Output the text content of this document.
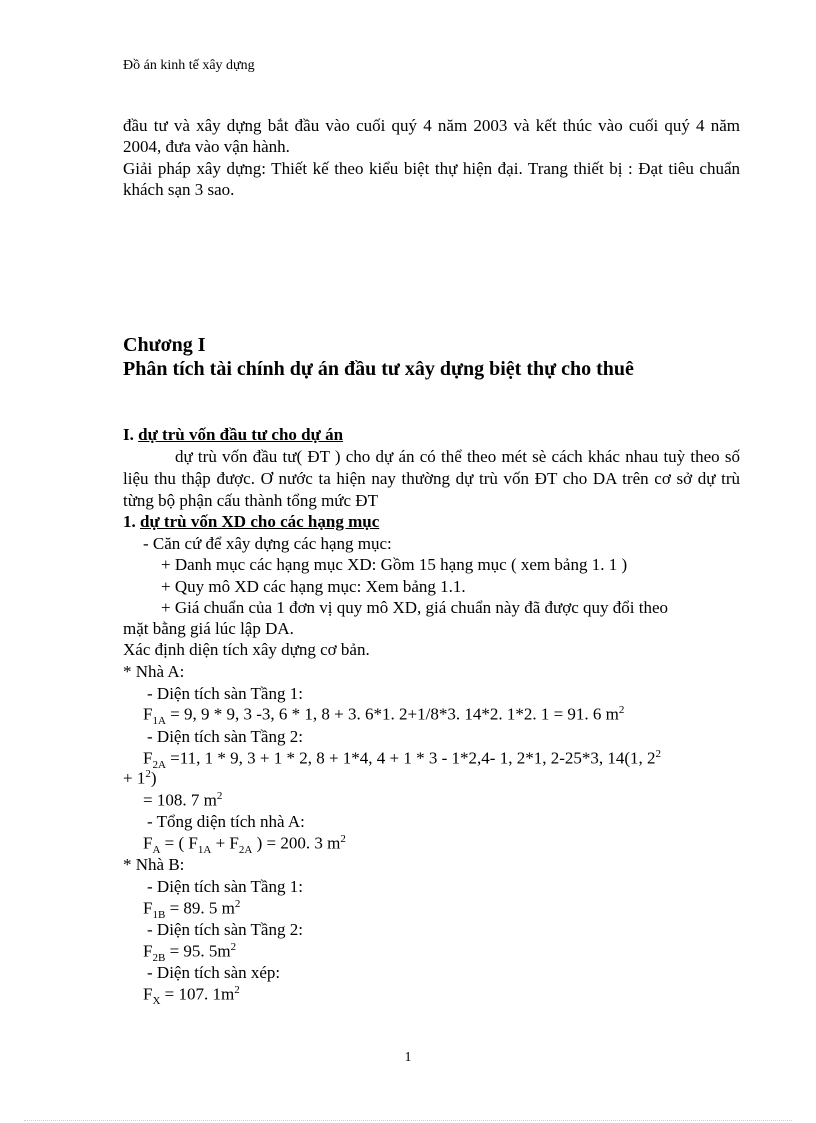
Đồ án kinh tế xây dựng
đầu tư và xây dựng bắt đầu vào cuối quý 4 năm 2003 và kết thúc vào cuối quý 4 năm 2004, đưa vào vận hành.
Giải pháp xây dựng: Thiết kế theo kiểu biệt thự hiện đại. Trang thiết bị : Đạt tiêu chuẩn khách sạn 3 sao.
Chương I
Phân tích tài chính dự án đầu tư xây dựng biệt thự cho thuê
I. dự trù vốn đầu tư cho dự án
dự trù vốn đầu tư( ĐT ) cho dự án có thể theo mét sè cách khác nhau tuỳ theo số liệu thu thập được. Ơ nước ta hiện nay thường dự trù vốn ĐT cho DA trên cơ sở dự trù từng bộ phận cấu thành tổng mức ĐT
1. dự trù vốn XD cho các hạng mục
- Căn cứ để xây dựng các hạng mục:
+ Danh mục các hạng mục XD: Gồm 15 hạng mục ( xem bảng 1. 1 )
+ Quy mô XD các hạng mục: Xem bảng 1.1.
+ Giá chuẩn của 1 đơn vị quy mô XD, giá chuẩn này đã được quy đổi theo
mặt bằng giá lúc lập DA.
Xác định diện tích xây dựng cơ bản.
* Nhà A:
- Diện tích sàn Tầng 1:
$F_{1A} = 9$, 9 * 9, 3 -3, 6 * 1, 8 + 3. 6*1. 2+1/8*3. 14*2. 1*2. 1 = 91. 6 $m^2$
- Diện tích sàn Tầng 2:
$F_{2A} =11$, 1 * 9, 3 + 1 * 2, 8 + 1*4, 4 + 1 * 3 - 1*2,4- 1, 2*1, 2-25*3, 14(1, $2^2$
+ $1^2$)
= 108. 7 $m^2$
- Tổng diện tích nhà A:
$F_A$ = ( $F_{1A} + F_{2A}$ ) = 200. 3 $m^2$
* Nhà B:
- Diện tích sàn Tầng 1:
$F_{1B} = 89$. 5 $m^2$
- Diện tích sàn Tầng 2:
$F_{2B} = 95$. $5m^2$
- Diện tích sàn xép:
$F_X = 107$. $1m^2$
1
